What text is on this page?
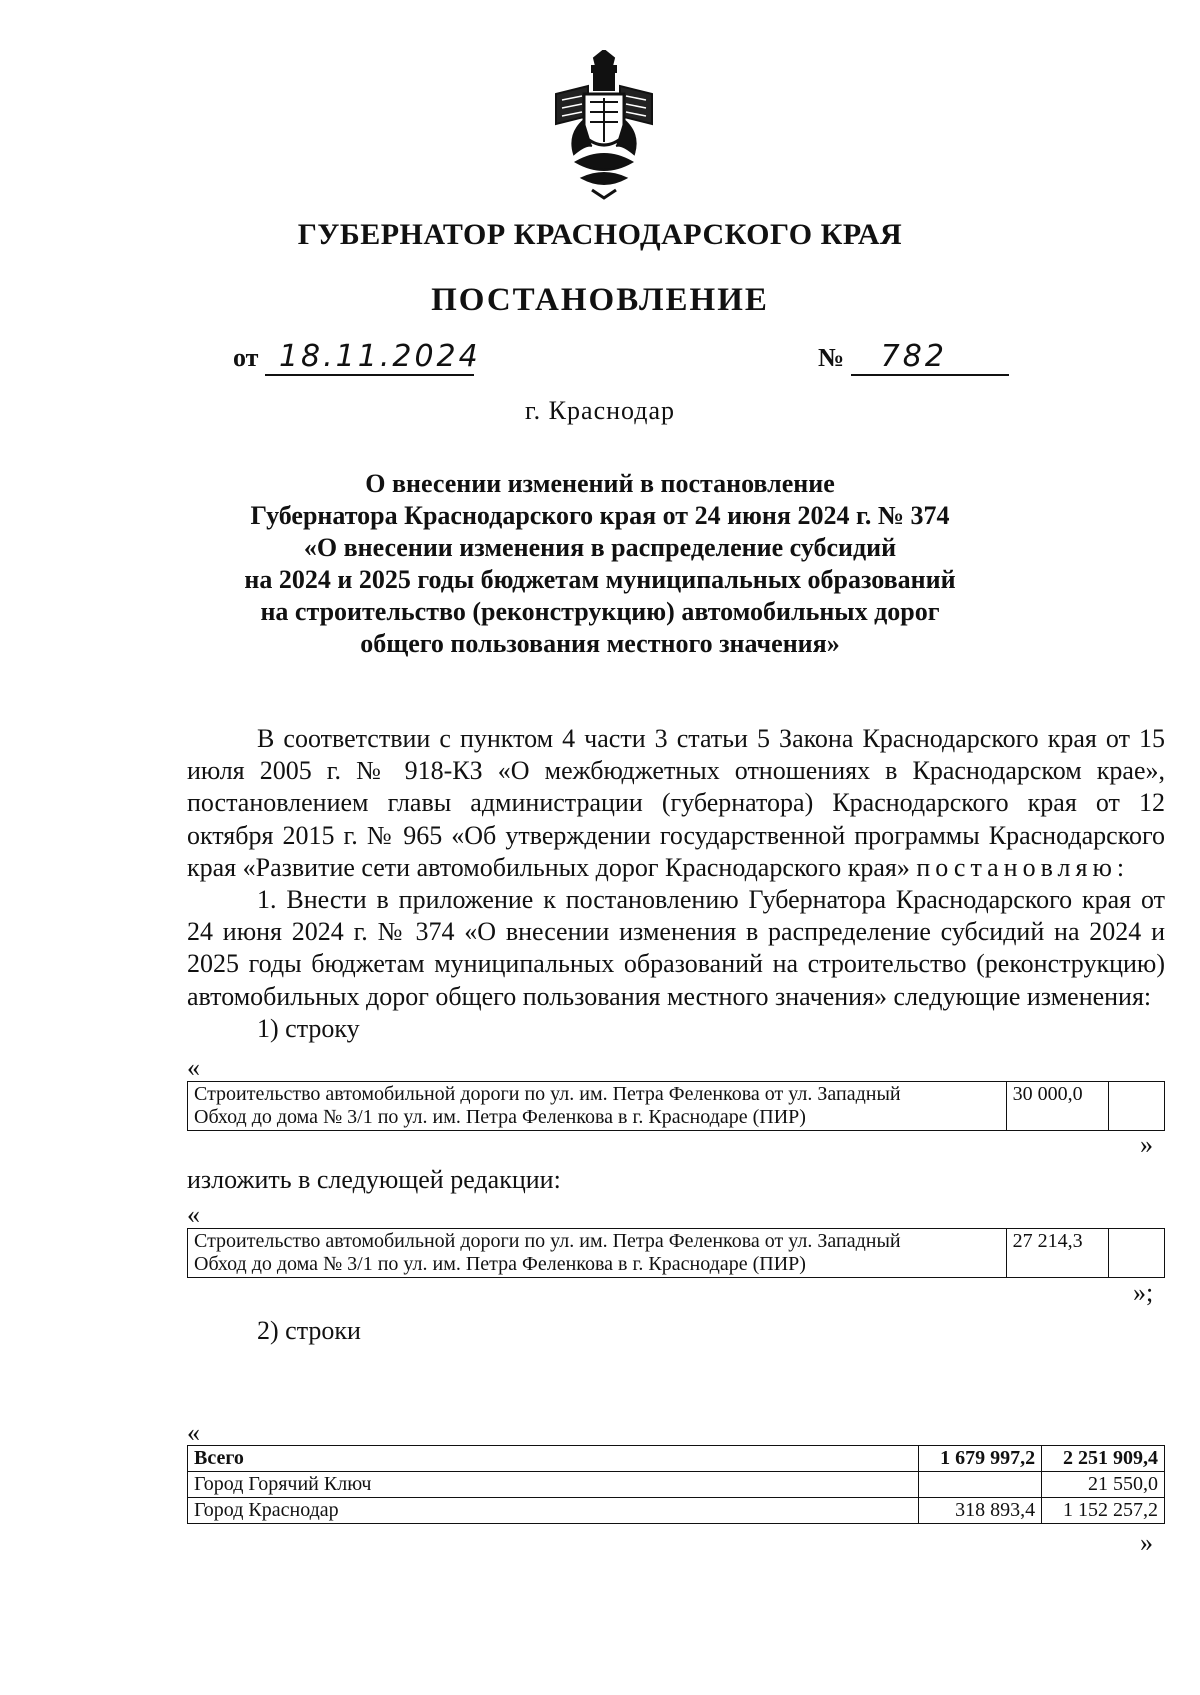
ГУБЕРНАТОР КРАСНОДАРСКОГО КРАЯ
ПОСТАНОВЛЕНИЕ
от 18.11.2024	№ 782
г. Краснодар
О внесении изменений в постановление
Губернатора Краснодарского края от 24 июня 2024 г. № 374
«О внесении изменения в распределение субсидий
на 2024 и 2025 годы бюджетам муниципальных образований
на строительство (реконструкцию) автомобильных дорог
общего пользования местного значения»

В соответствии с пунктом 4 части 3 статьи 5 Закона Краснодарского края от 15 июля 2005 г. № 918-КЗ «О межбюджетных отношениях в Краснодарском крае», постановлением главы администрации (губернатора) Краснодарского края от 12 октября 2015 г. № 965 «Об утверждении государственной программы Краснодарского края «Развитие сети автомобильных дорог Краснодарского края» постановляю:

1. Внести в приложение к постановлению Губернатора Краснодарского края от 24 июня 2024 г. № 374 «О внесении изменения в распределение субсидий на 2024 и 2025 годы бюджетам муниципальных образований на строительство (реконструкцию) автомобильных дорог общего пользования местного значения» следующие изменения:

1) строку

«
Строительство автомобильной дороги по ул. им. Петра Феленкова от ул. Западный
Обход до дома № 3/1 по ул. им. Петра Феленкова в г. Краснодаре (ПИР)
	30 000,0	
»
изложить в следующей редакции:
«
Строительство автомобильной дороги по ул. им. Петра Феленкова от ул. Западный
Обход до дома № 3/1 по ул. им. Петра Феленкова в г. Краснодаре (ПИР)
	27 214,3	
»;
2) строки
«
Всего	1 679 997,2	2 251 909,4
Город Горячий Ключ		21 550,0
Город Краснодар	318 893,4	1 152 257,2
»
